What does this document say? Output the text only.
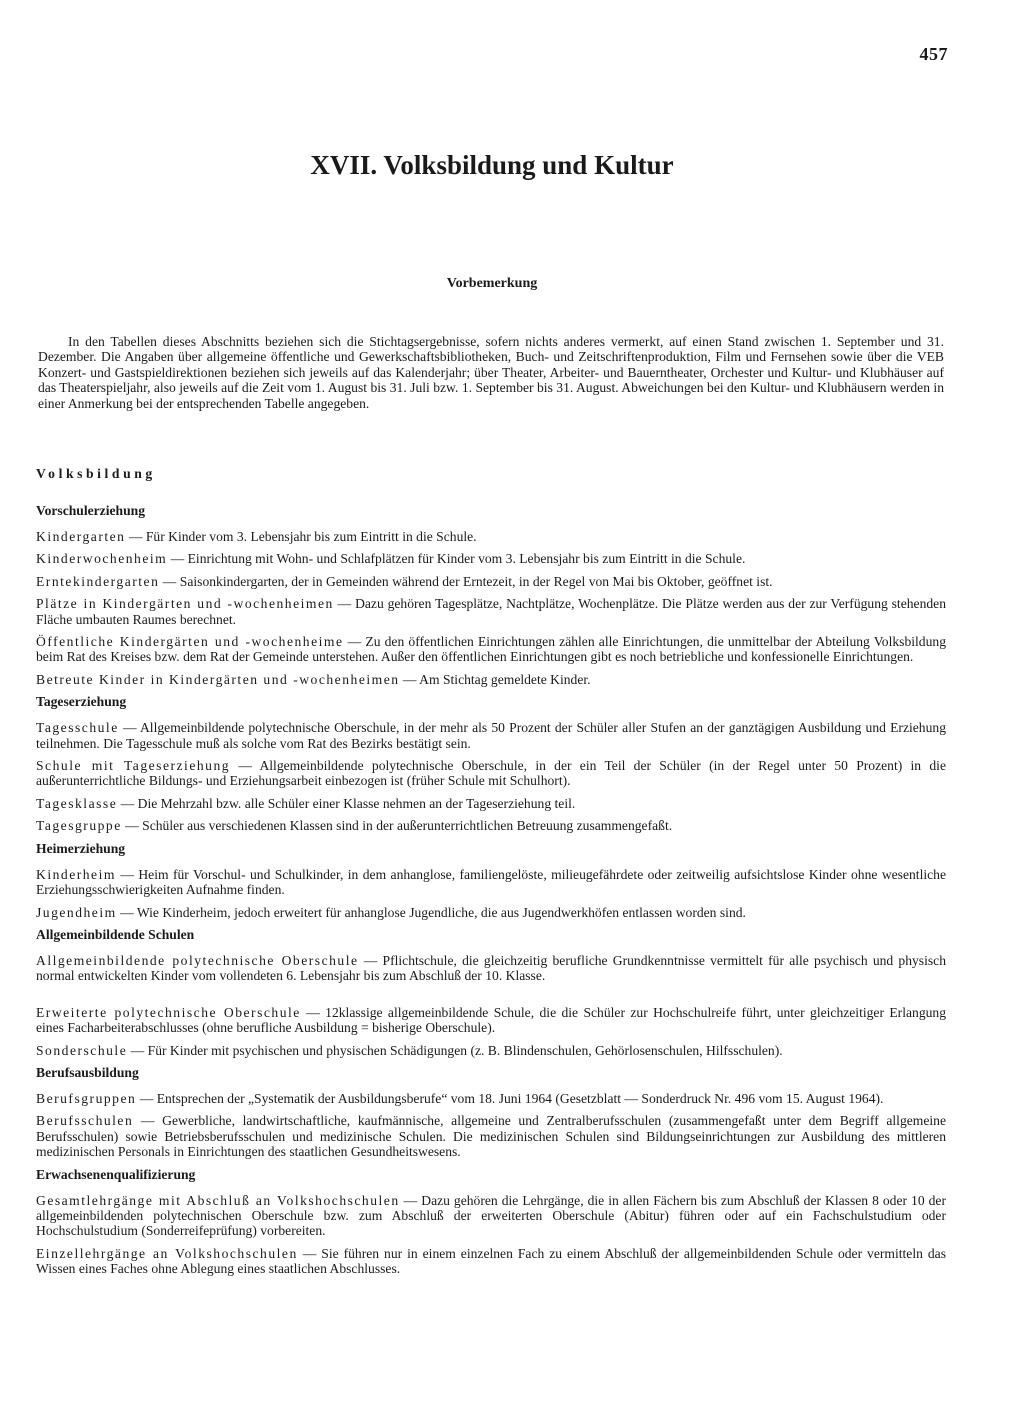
457
XVII. Volksbildung und Kultur
Vorbemerkung

In den Tabellen dieses Abschnitts beziehen sich die Stichtagsergebnisse, sofern nichts anderes vermerkt, auf einen Stand zwischen 1. September und 31. Dezember. Die Angaben über allgemeine öffentliche und Gewerkschaftsbibliotheken, Buch- und Zeitschriftenproduktion, Film und Fernsehen sowie über die VEB Konzert- und Gastspieldirektionen beziehen sich jeweils auf das Kalenderjahr; über Theater, Arbeiter- und Bauerntheater, Orchester und Kultur- und Klubhäuser auf das Theaterspieljahr, also jeweils auf die Zeit vom 1. August bis 31. Juli bzw. 1. September bis 31. August. Abweichungen bei den Kultur- und Klubhäusern werden in einer Anmerkung bei der entsprechenden Tabelle angegeben.

Volksbildung
Vorschulerziehung

Kindergarten — Für Kinder vom 3. Lebensjahr bis zum Eintritt in die Schule.

Kinderwochenheim — Einrichtung mit Wohn- und Schlafplätzen für Kinder vom 3. Lebensjahr bis zum Eintritt in die Schule.

Erntekindergarten — Saisonkindergarten, der in Gemeinden während der Erntezeit, in der Regel von Mai bis Oktober, geöffnet ist.

Plätze in Kindergärten und -wochenheimen — Dazu gehören Tagesplätze, Nachtplätze, Wochenplätze. Die Plätze werden aus der zur Verfügung stehenden Fläche umbauten Raumes berechnet.

Öffentliche Kindergärten und -wochenheime — Zu den öffentlichen Einrichtungen zählen alle Einrichtungen, die unmittelbar der Abteilung Volksbildung beim Rat des Kreises bzw. dem Rat der Gemeinde unterstehen. Außer den öffentlichen Einrichtungen gibt es noch betriebliche und konfessionelle Einrichtungen.

Betreute Kinder in Kindergärten und -wochenheimen — Am Stichtag gemeldete Kinder.

Tageserziehung

Tagesschule — Allgemeinbildende polytechnische Oberschule, in der mehr als 50 Prozent der Schüler aller Stufen an der ganztägigen Ausbildung und Erziehung teilnehmen. Die Tagesschule muß als solche vom Rat des Bezirks bestätigt sein.

Schule mit Tageserziehung — Allgemeinbildende polytechnische Oberschule, in der ein Teil der Schüler (in der Regel unter 50 Prozent) in die außerunterrichtliche Bildungs- und Erziehungsarbeit einbezogen ist (früher Schule mit Schulhort).

Tagesklasse — Die Mehrzahl bzw. alle Schüler einer Klasse nehmen an der Tageserziehung teil.

Tagesgruppe — Schüler aus verschiedenen Klassen sind in der außerunterrichtlichen Betreuung zusammengefaßt.

Heimerziehung

Kinderheim — Heim für Vorschul- und Schulkinder, in dem anhanglose, familiengelöste, milieugefährdete oder zeitweilig aufsichtslose Kinder ohne wesentliche Erziehungsschwierigkeiten Aufnahme finden.

Jugendheim — Wie Kinderheim, jedoch erweitert für anhanglose Jugendliche, die aus Jugendwerkhöfen entlassen worden sind.

Allgemeinbildende Schulen

Allgemeinbildende polytechnische Oberschule — Pflichtschule, die gleichzeitig berufliche Grundkenntnisse vermittelt für alle psychisch und physisch normal entwickelten Kinder vom vollendeten 6. Lebensjahr bis zum Abschluß der 10. Klasse.

Erweiterte polytechnische Oberschule — 12klassige allgemeinbildende Schule, die die Schüler zur Hochschulreife führt, unter gleichzeitiger Erlangung eines Facharbeiterabschlusses (ohne berufliche Ausbildung = bisherige Oberschule).

Sonderschule — Für Kinder mit psychischen und physischen Schädigungen (z. B. Blindenschulen, Gehörlosenschulen, Hilfsschulen).

Berufsausbildung

Berufsgruppen — Entsprechen der „Systematik der Ausbildungsberufe“ vom 18. Juni 1964 (Gesetzblatt — Sonderdruck Nr. 496 vom 15. August 1964).

Berufsschulen — Gewerbliche, landwirtschaftliche, kaufmännische, allgemeine und Zentralberufsschulen (zusammengefaßt unter dem Begriff allgemeine Berufsschulen) sowie Betriebsberufsschulen und medizinische Schulen. Die medizinischen Schulen sind Bildungseinrichtungen zur Ausbildung des mittleren medizinischen Personals in Einrichtungen des staatlichen Gesundheitswesens.

Erwachsenenqualifizierung

Gesamtlehrgänge mit Abschluß an Volkshochschulen — Dazu gehören die Lehrgänge, die in allen Fächern bis zum Abschluß der Klassen 8 oder 10 der allgemeinbildenden polytechnischen Oberschule bzw. zum Abschluß der erweiterten Oberschule (Abitur) führen oder auf ein Fachschulstudium oder Hochschulstudium (Sonderreifeprüfung) vorbereiten.

Einzellehrgänge an Volkshochschulen — Sie führen nur in einem einzelnen Fach zu einem Abschluß der allgemeinbildenden Schule oder vermitteln das Wissen eines Faches ohne Ablegung eines staatlichen Abschlusses.
